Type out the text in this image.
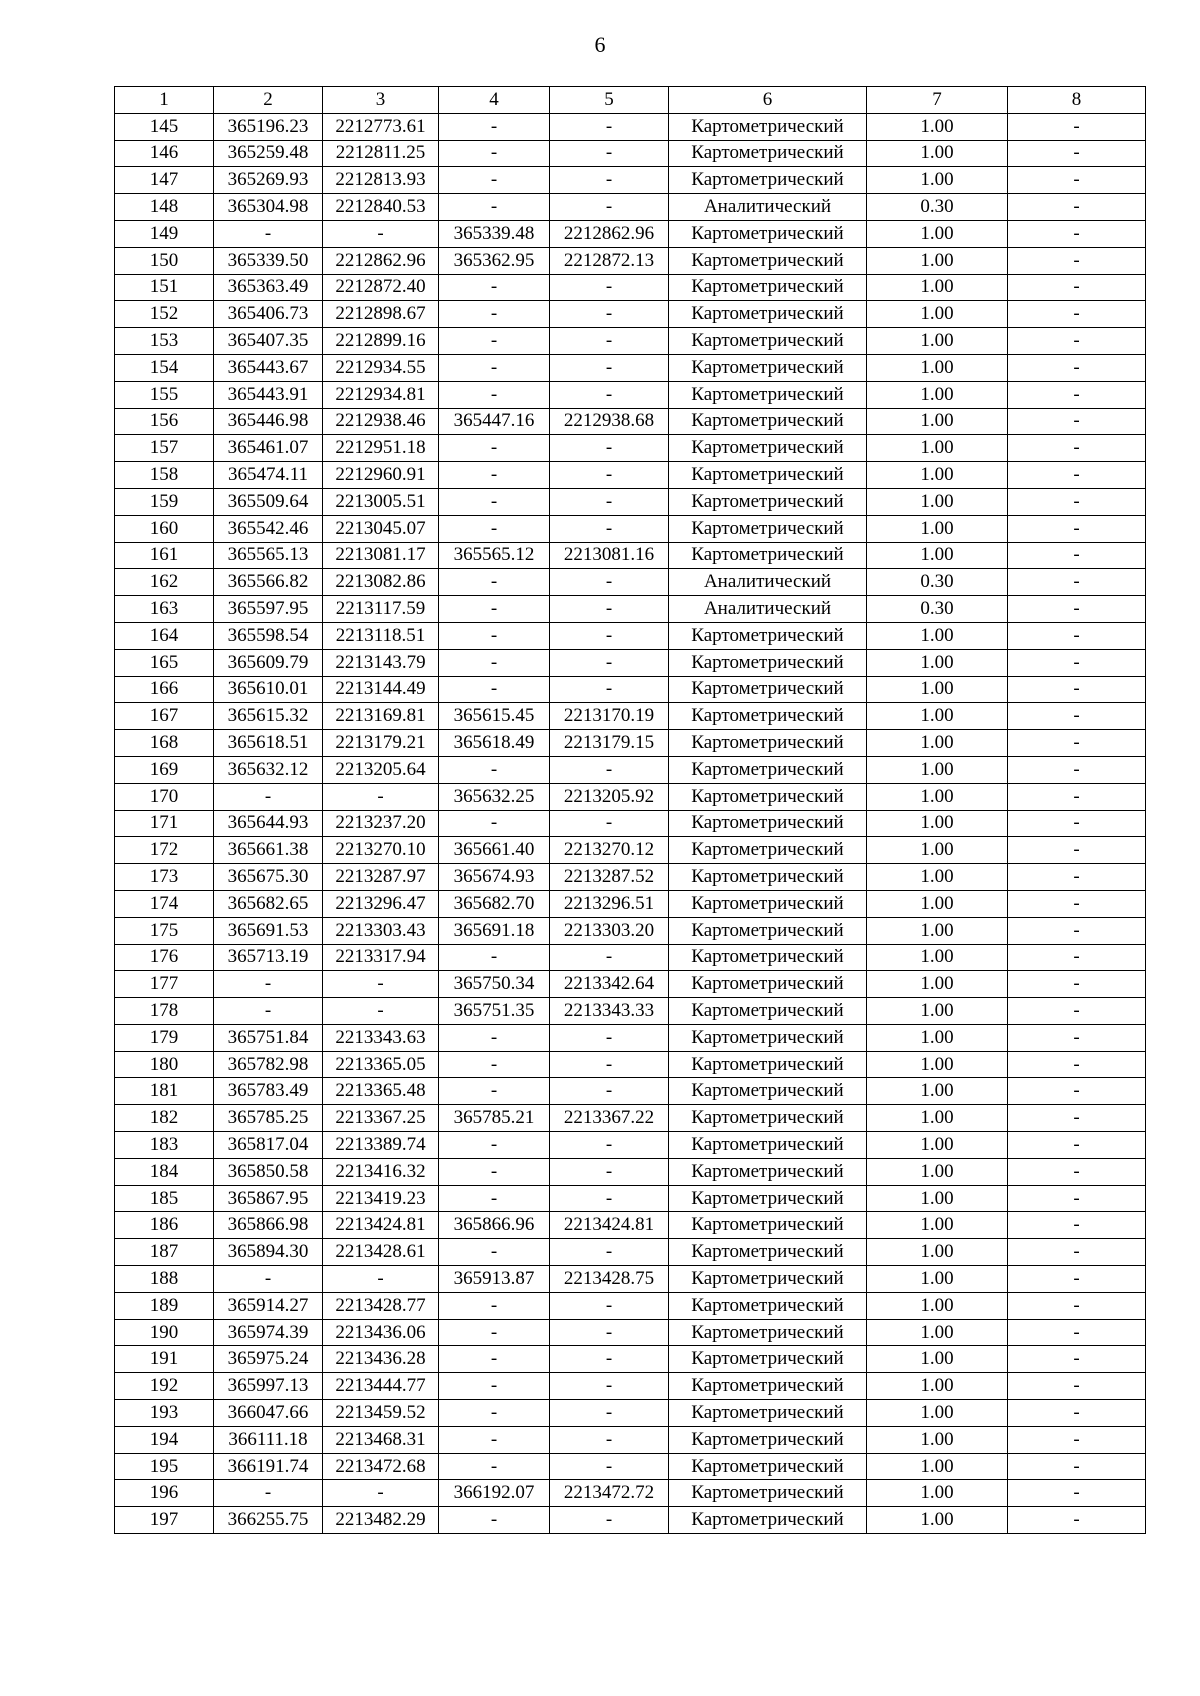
6
1	2	3	4	5	6	7	8
145	365196.23	2212773.61	-	-	Картометрический	1.00	-
146	365259.48	2212811.25	-	-	Картометрический	1.00	-
147	365269.93	2212813.93	-	-	Картометрический	1.00	-
148	365304.98	2212840.53	-	-	Аналитический	0.30	-
149	-	-	365339.48	2212862.96	Картометрический	1.00	-
150	365339.50	2212862.96	365362.95	2212872.13	Картометрический	1.00	-
151	365363.49	2212872.40	-	-	Картометрический	1.00	-
152	365406.73	2212898.67	-	-	Картометрический	1.00	-
153	365407.35	2212899.16	-	-	Картометрический	1.00	-
154	365443.67	2212934.55	-	-	Картометрический	1.00	-
155	365443.91	2212934.81	-	-	Картометрический	1.00	-
156	365446.98	2212938.46	365447.16	2212938.68	Картометрический	1.00	-
157	365461.07	2212951.18	-	-	Картометрический	1.00	-
158	365474.11	2212960.91	-	-	Картометрический	1.00	-
159	365509.64	2213005.51	-	-	Картометрический	1.00	-
160	365542.46	2213045.07	-	-	Картометрический	1.00	-
161	365565.13	2213081.17	365565.12	2213081.16	Картометрический	1.00	-
162	365566.82	2213082.86	-	-	Аналитический	0.30	-
163	365597.95	2213117.59	-	-	Аналитический	0.30	-
164	365598.54	2213118.51	-	-	Картометрический	1.00	-
165	365609.79	2213143.79	-	-	Картометрический	1.00	-
166	365610.01	2213144.49	-	-	Картометрический	1.00	-
167	365615.32	2213169.81	365615.45	2213170.19	Картометрический	1.00	-
168	365618.51	2213179.21	365618.49	2213179.15	Картометрический	1.00	-
169	365632.12	2213205.64	-	-	Картометрический	1.00	-
170	-	-	365632.25	2213205.92	Картометрический	1.00	-
171	365644.93	2213237.20	-	-	Картометрический	1.00	-
172	365661.38	2213270.10	365661.40	2213270.12	Картометрический	1.00	-
173	365675.30	2213287.97	365674.93	2213287.52	Картометрический	1.00	-
174	365682.65	2213296.47	365682.70	2213296.51	Картометрический	1.00	-
175	365691.53	2213303.43	365691.18	2213303.20	Картометрический	1.00	-
176	365713.19	2213317.94	-	-	Картометрический	1.00	-
177	-	-	365750.34	2213342.64	Картометрический	1.00	-
178	-	-	365751.35	2213343.33	Картометрический	1.00	-
179	365751.84	2213343.63	-	-	Картометрический	1.00	-
180	365782.98	2213365.05	-	-	Картометрический	1.00	-
181	365783.49	2213365.48	-	-	Картометрический	1.00	-
182	365785.25	2213367.25	365785.21	2213367.22	Картометрический	1.00	-
183	365817.04	2213389.74	-	-	Картометрический	1.00	-
184	365850.58	2213416.32	-	-	Картометрический	1.00	-
185	365867.95	2213419.23	-	-	Картометрический	1.00	-
186	365866.98	2213424.81	365866.96	2213424.81	Картометрический	1.00	-
187	365894.30	2213428.61	-	-	Картометрический	1.00	-
188	-	-	365913.87	2213428.75	Картометрический	1.00	-
189	365914.27	2213428.77	-	-	Картометрический	1.00	-
190	365974.39	2213436.06	-	-	Картометрический	1.00	-
191	365975.24	2213436.28	-	-	Картометрический	1.00	-
192	365997.13	2213444.77	-	-	Картометрический	1.00	-
193	366047.66	2213459.52	-	-	Картометрический	1.00	-
194	366111.18	2213468.31	-	-	Картометрический	1.00	-
195	366191.74	2213472.68	-	-	Картометрический	1.00	-
196	-	-	366192.07	2213472.72	Картометрический	1.00	-
197	366255.75	2213482.29	-	-	Картометрический	1.00	-
